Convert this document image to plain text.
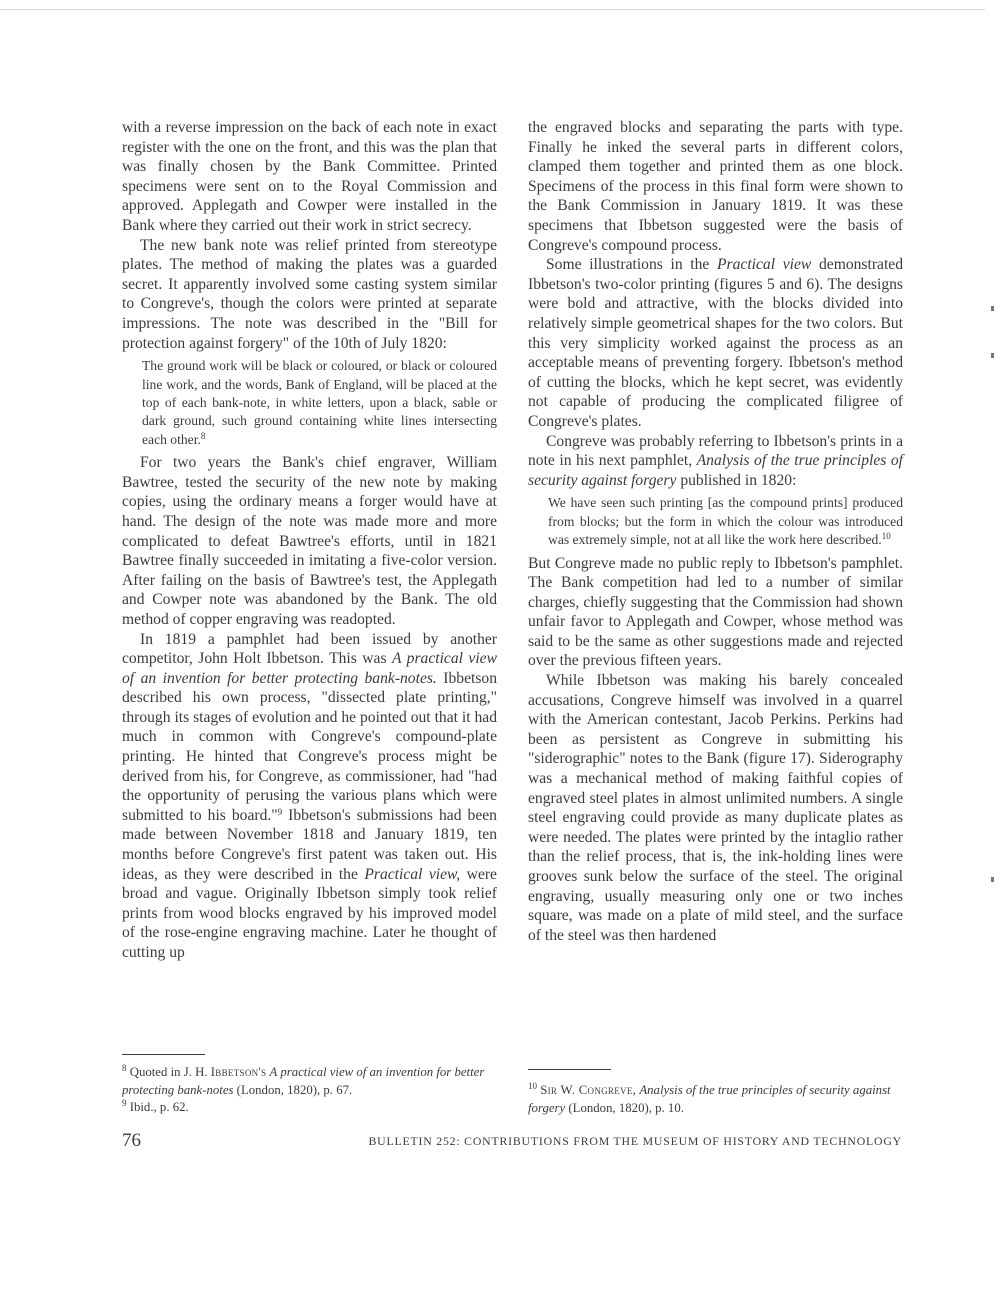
with a reverse impression on the back of each note in exact register with the one on the front, and this was the plan that was finally chosen by the Bank Committee. Printed specimens were sent on to the Royal Commission and approved. Applegath and Cowper were installed in the Bank where they carried out their work in strict secrecy.

The new bank note was relief printed from stereotype plates. The method of making the plates was a guarded secret. It apparently involved some casting system similar to Congreve's, though the colors were printed at separate impressions. The note was described in the "Bill for protection against forgery" of the 10th of July 1820:

The ground work will be black or coloured, or black or coloured line work, and the words, Bank of England, will be placed at the top of each bank-note, in white letters, upon a black, sable or dark ground, such ground containing white lines intersecting each other.$^8$

For two years the Bank's chief engraver, William Bawtree, tested the security of the new note by making copies, using the ordinary means a forger would have at hand. The design of the note was made more and more complicated to defeat Bawtree's efforts, until in 1821 Bawtree finally succeeded in imitating a five-color version. After failing on the basis of Bawtree's test, the Applegath and Cowper note was abandoned by the Bank. The old method of copper engraving was readopted.

In 1819 a pamphlet had been issued by another competitor, John Holt Ibbetson. This was A practical view of an invention for better protecting bank-notes. Ibbetson described his own process, "dissected plate printing," through its stages of evolution and he pointed out that it had much in common with Congreve's compound-plate printing. He hinted that Congreve's process might be derived from his, for Congreve, as commissioner, had "had the opportunity of perusing the various plans which were submitted to his board."$^9$ Ibbetson's submissions had been made between November 1818 and January 1819, ten months before Congreve's first patent was taken out. His ideas, as they were described in the Practical view, were broad and vague. Originally Ibbetson simply took relief prints from wood blocks engraved by his improved model of the rose-engine engraving machine. Later he thought of cutting up

the engraved blocks and separating the parts with type. Finally he inked the several parts in different colors, clamped them together and printed them as one block. Specimens of the process in this final form were shown to the Bank Commission in January 1819. It was these specimens that Ibbetson suggested were the basis of Congreve's compound process.

Some illustrations in the Practical view demonstrated Ibbetson's two-color printing (figures 5 and 6). The designs were bold and attractive, with the blocks divided into relatively simple geometrical shapes for the two colors. But this very simplicity worked against the process as an acceptable means of preventing forgery. Ibbetson's method of cutting the blocks, which he kept secret, was evidently not capable of producing the complicated filigree of Congreve's plates.

Congreve was probably referring to Ibbetson's prints in a note in his next pamphlet, Analysis of the true principles of security against forgery published in 1820:

We have seen such printing [as the compound prints] produced from blocks; but the form in which the colour was introduced was extremely simple, not at all like the work here described.$^{10}$

But Congreve made no public reply to Ibbetson's pamphlet. The Bank competition had led to a number of similar charges, chiefly suggesting that the Commission had shown unfair favor to Applegath and Cowper, whose method was said to be the same as other suggestions made and rejected over the previous fifteen years.

While Ibbetson was making his barely concealed accusations, Congreve himself was involved in a quarrel with the American contestant, Jacob Perkins. Perkins had been as persistent as Congreve in submitting his "siderographic" notes to the Bank (figure 17). Siderography was a mechanical method of making faithful copies of engraved steel plates in almost unlimited numbers. A single steel engraving could provide as many duplicate plates as were needed. The plates were printed by the intaglio rather than the relief process, that is, the ink-holding lines were grooves sunk below the surface of the steel. The original engraving, usually measuring only one or two inches square, was made on a plate of mild steel, and the surface of the steel was then hardened

$^8$ Quoted in J. H. Ibbetson's A practical view of an invention for better protecting bank-notes (London, 1820), p. 67.
$^9$ Ibid., p. 62.
$^{10}$ Sir W. Congreve, Analysis of the true principles of security against forgery (London, 1820), p. 10.
76	BULLETIN 252: CONTRIBUTIONS FROM THE MUSEUM OF HISTORY AND TECHNOLOGY
